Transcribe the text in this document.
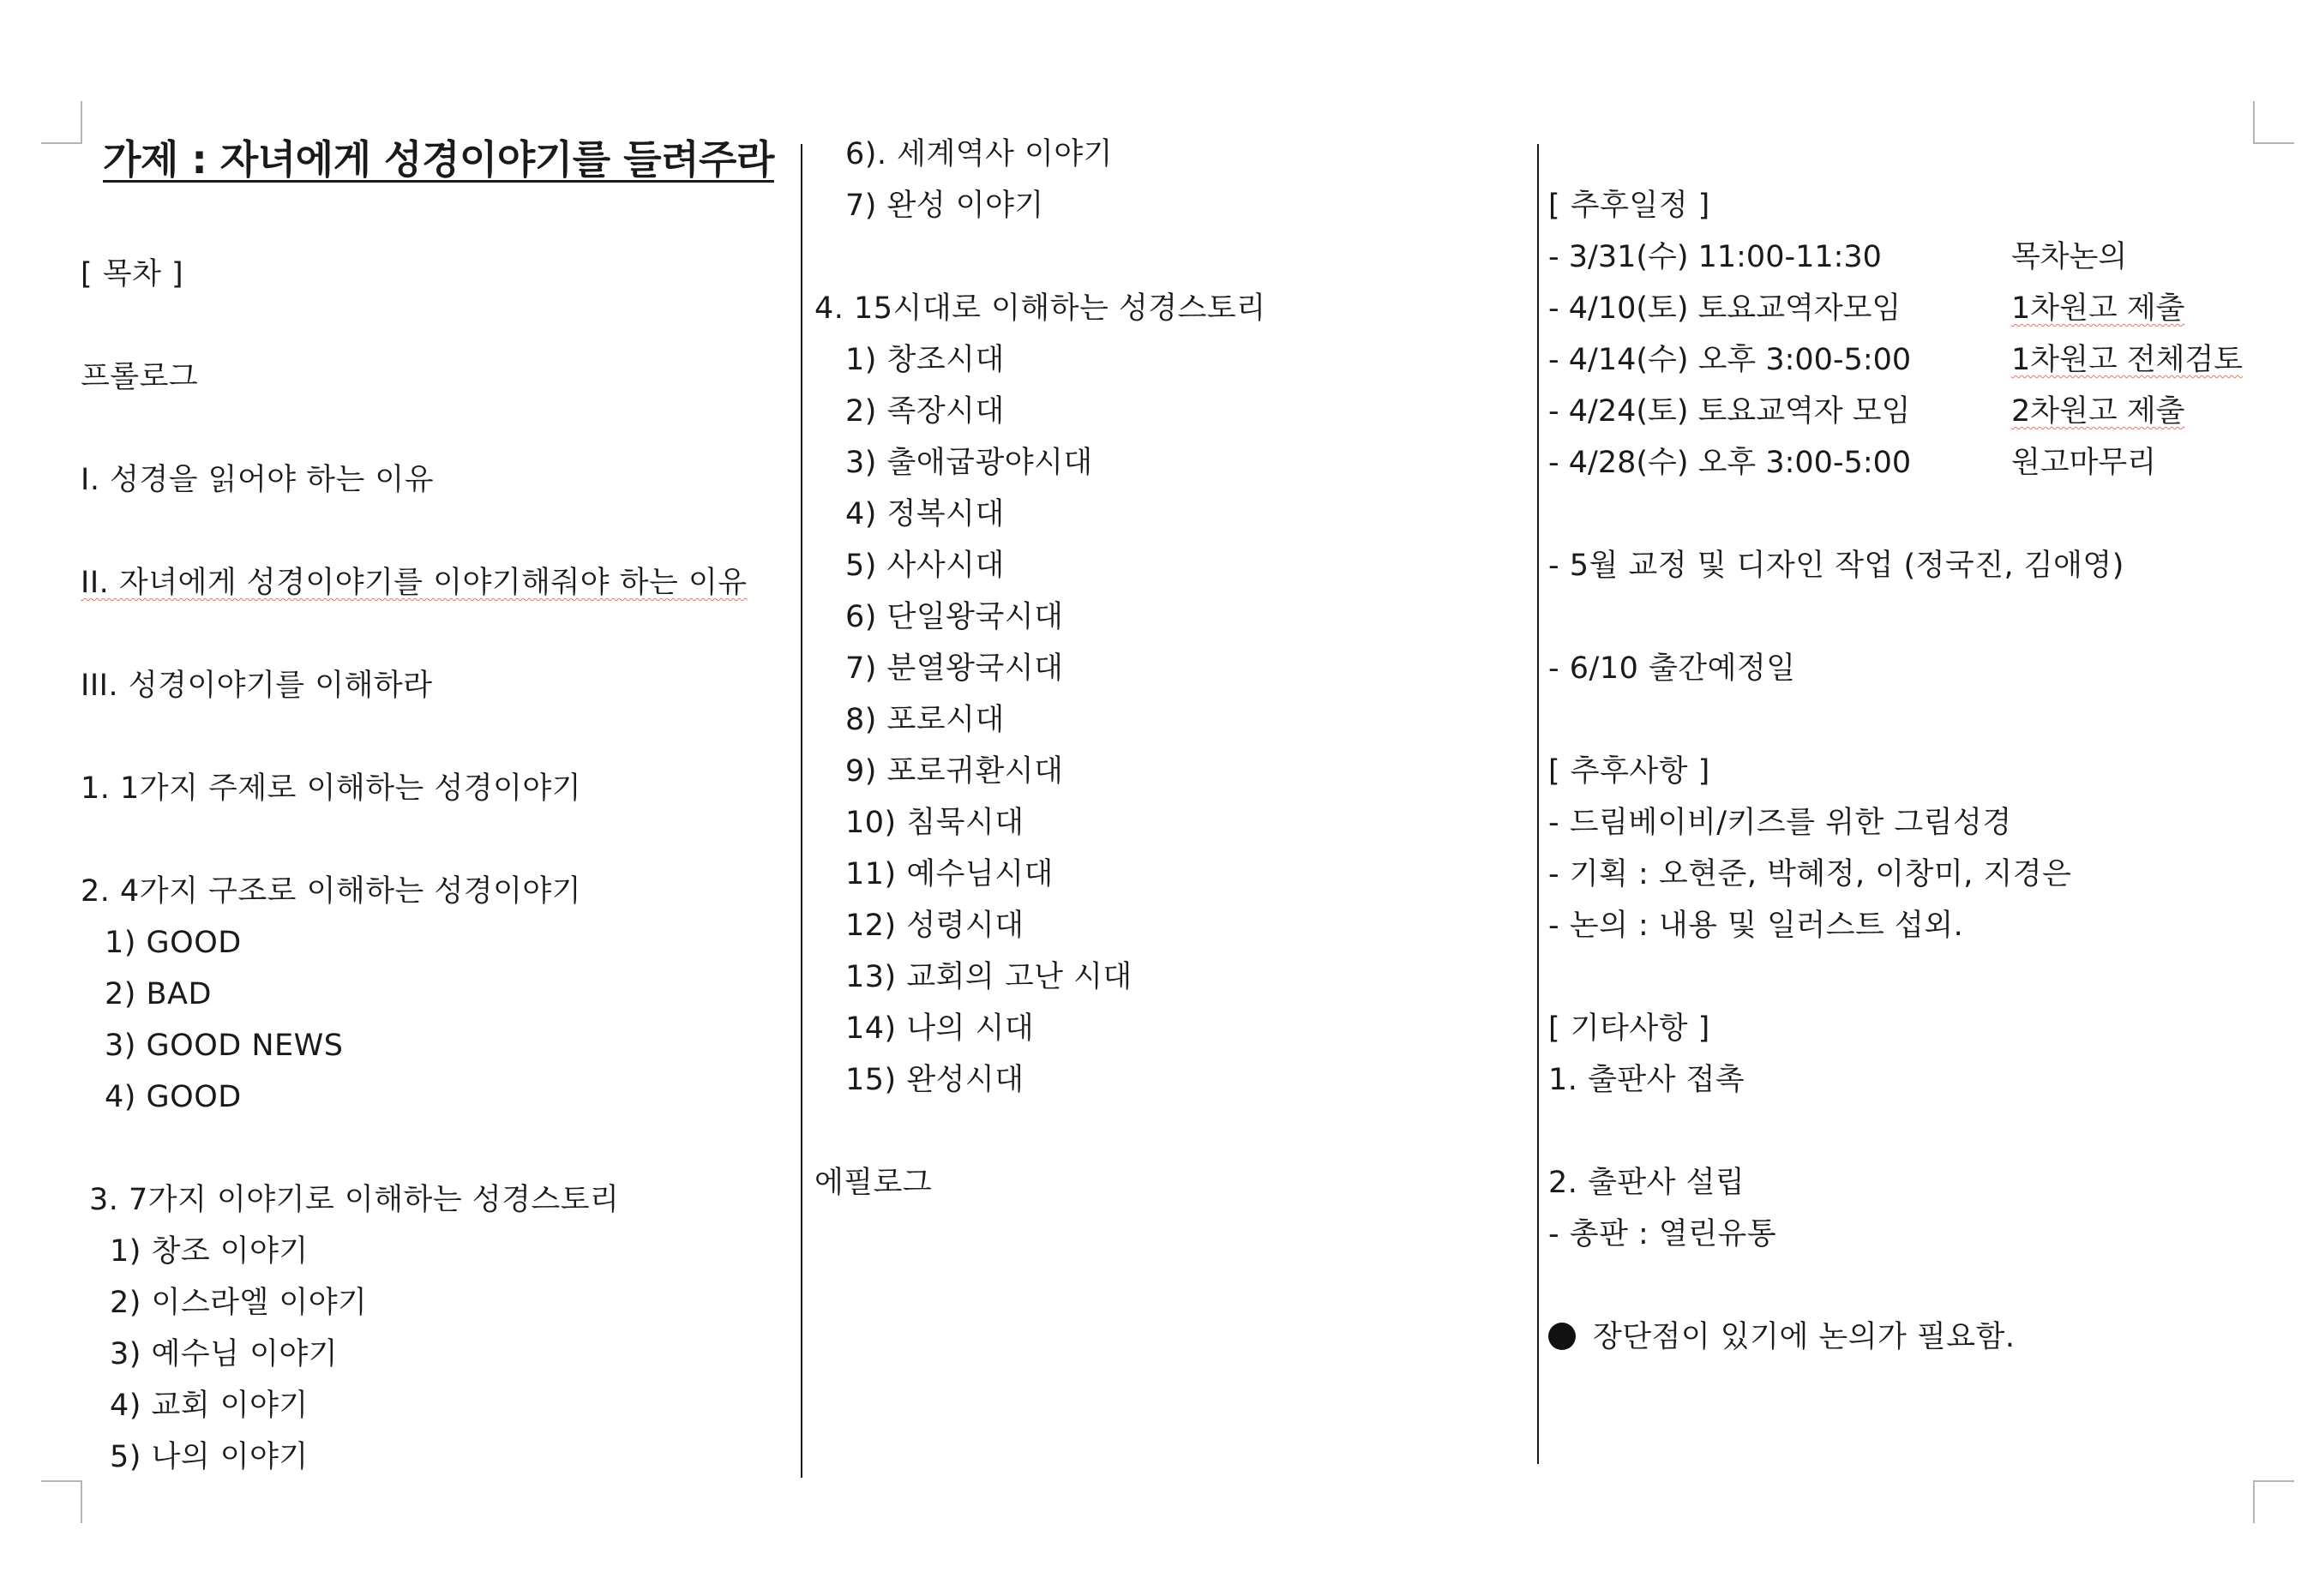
가제 : 자녀에게 성경이야기를 들려주라
[ 목차 ]
프롤로그
I. 성경을 읽어야 하는 이유
II. 자녀에게 성경이야기를 이야기해줘야 하는 이유
III. 성경이야기를 이해하라
1. 1가지 주제로 이해하는 성경이야기
2. 4가지 구조로 이해하는 성경이야기
1) GOOD
2) BAD
3) GOOD NEWS
4) GOOD
3. 7가지 이야기로 이해하는 성경스토리
1) 창조 이야기
2) 이스라엘 이야기
3) 예수님 이야기
4) 교회 이야기
5) 나의 이야기
6). 세계역사 이야기
7) 완성 이야기
4. 15시대로 이해하는 성경스토리
1) 창조시대
2) 족장시대
3) 출애굽광야시대
4) 정복시대
5) 사사시대
6) 단일왕국시대
7) 분열왕국시대
8) 포로시대
9) 포로귀환시대
10) 침묵시대
11) 예수님시대
12) 성령시대
13) 교회의 고난 시대
14) 나의 시대
15) 완성시대
에필로그
[ 추후일정 ]
- 3/31(수) 11:00-11:30	목차논의
- 4/10(토) 토요교역자모임	1차원고 제출
- 4/14(수) 오후 3:00-5:00	1차원고 전체검토
- 4/24(토) 토요교역자 모임	2차원고 제출
- 4/28(수) 오후 3:00-5:00	원고마무리
- 5월 교정 및 디자인 작업 (정국진, 김애영)
- 6/10 출간예정일
[ 추후사항 ]
- 드림베이비/키즈를 위한 그림성경
- 기획 : 오현준, 박혜정, 이창미, 지경은
- 논의 : 내용 및 일러스트 섭외.
[ 기타사항 ]
1. 출판사 접촉
2. 출판사 설립
- 총판 : 열린유통
장단점이 있기에 논의가 필요함.
